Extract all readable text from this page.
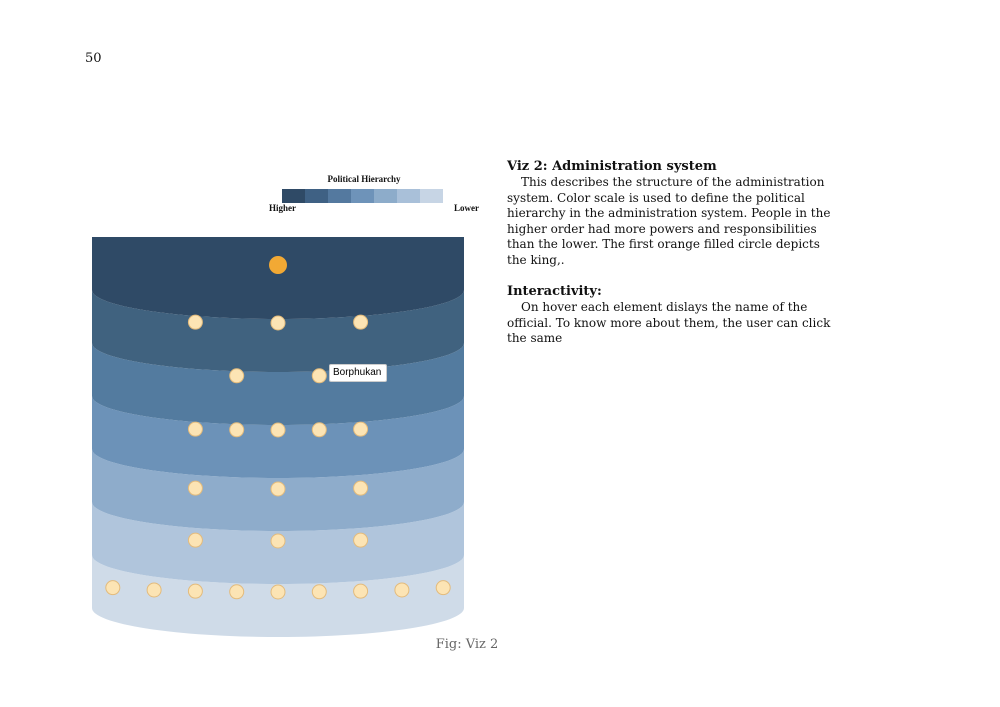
50
Political Hierarchy
Higher	Lower
Borphukan
Fig: Viz 2
Viz 2: Administration system

This describes the structure of the administration system. Color scale is used to define the political hierarchy in the administration system. People in the higher order had more powers and responsibilities than the lower. The first orange filled circle depicts the king,.

Interactivity:

On hover each element dislays the name of the official. To know more about them, the user can click the same
